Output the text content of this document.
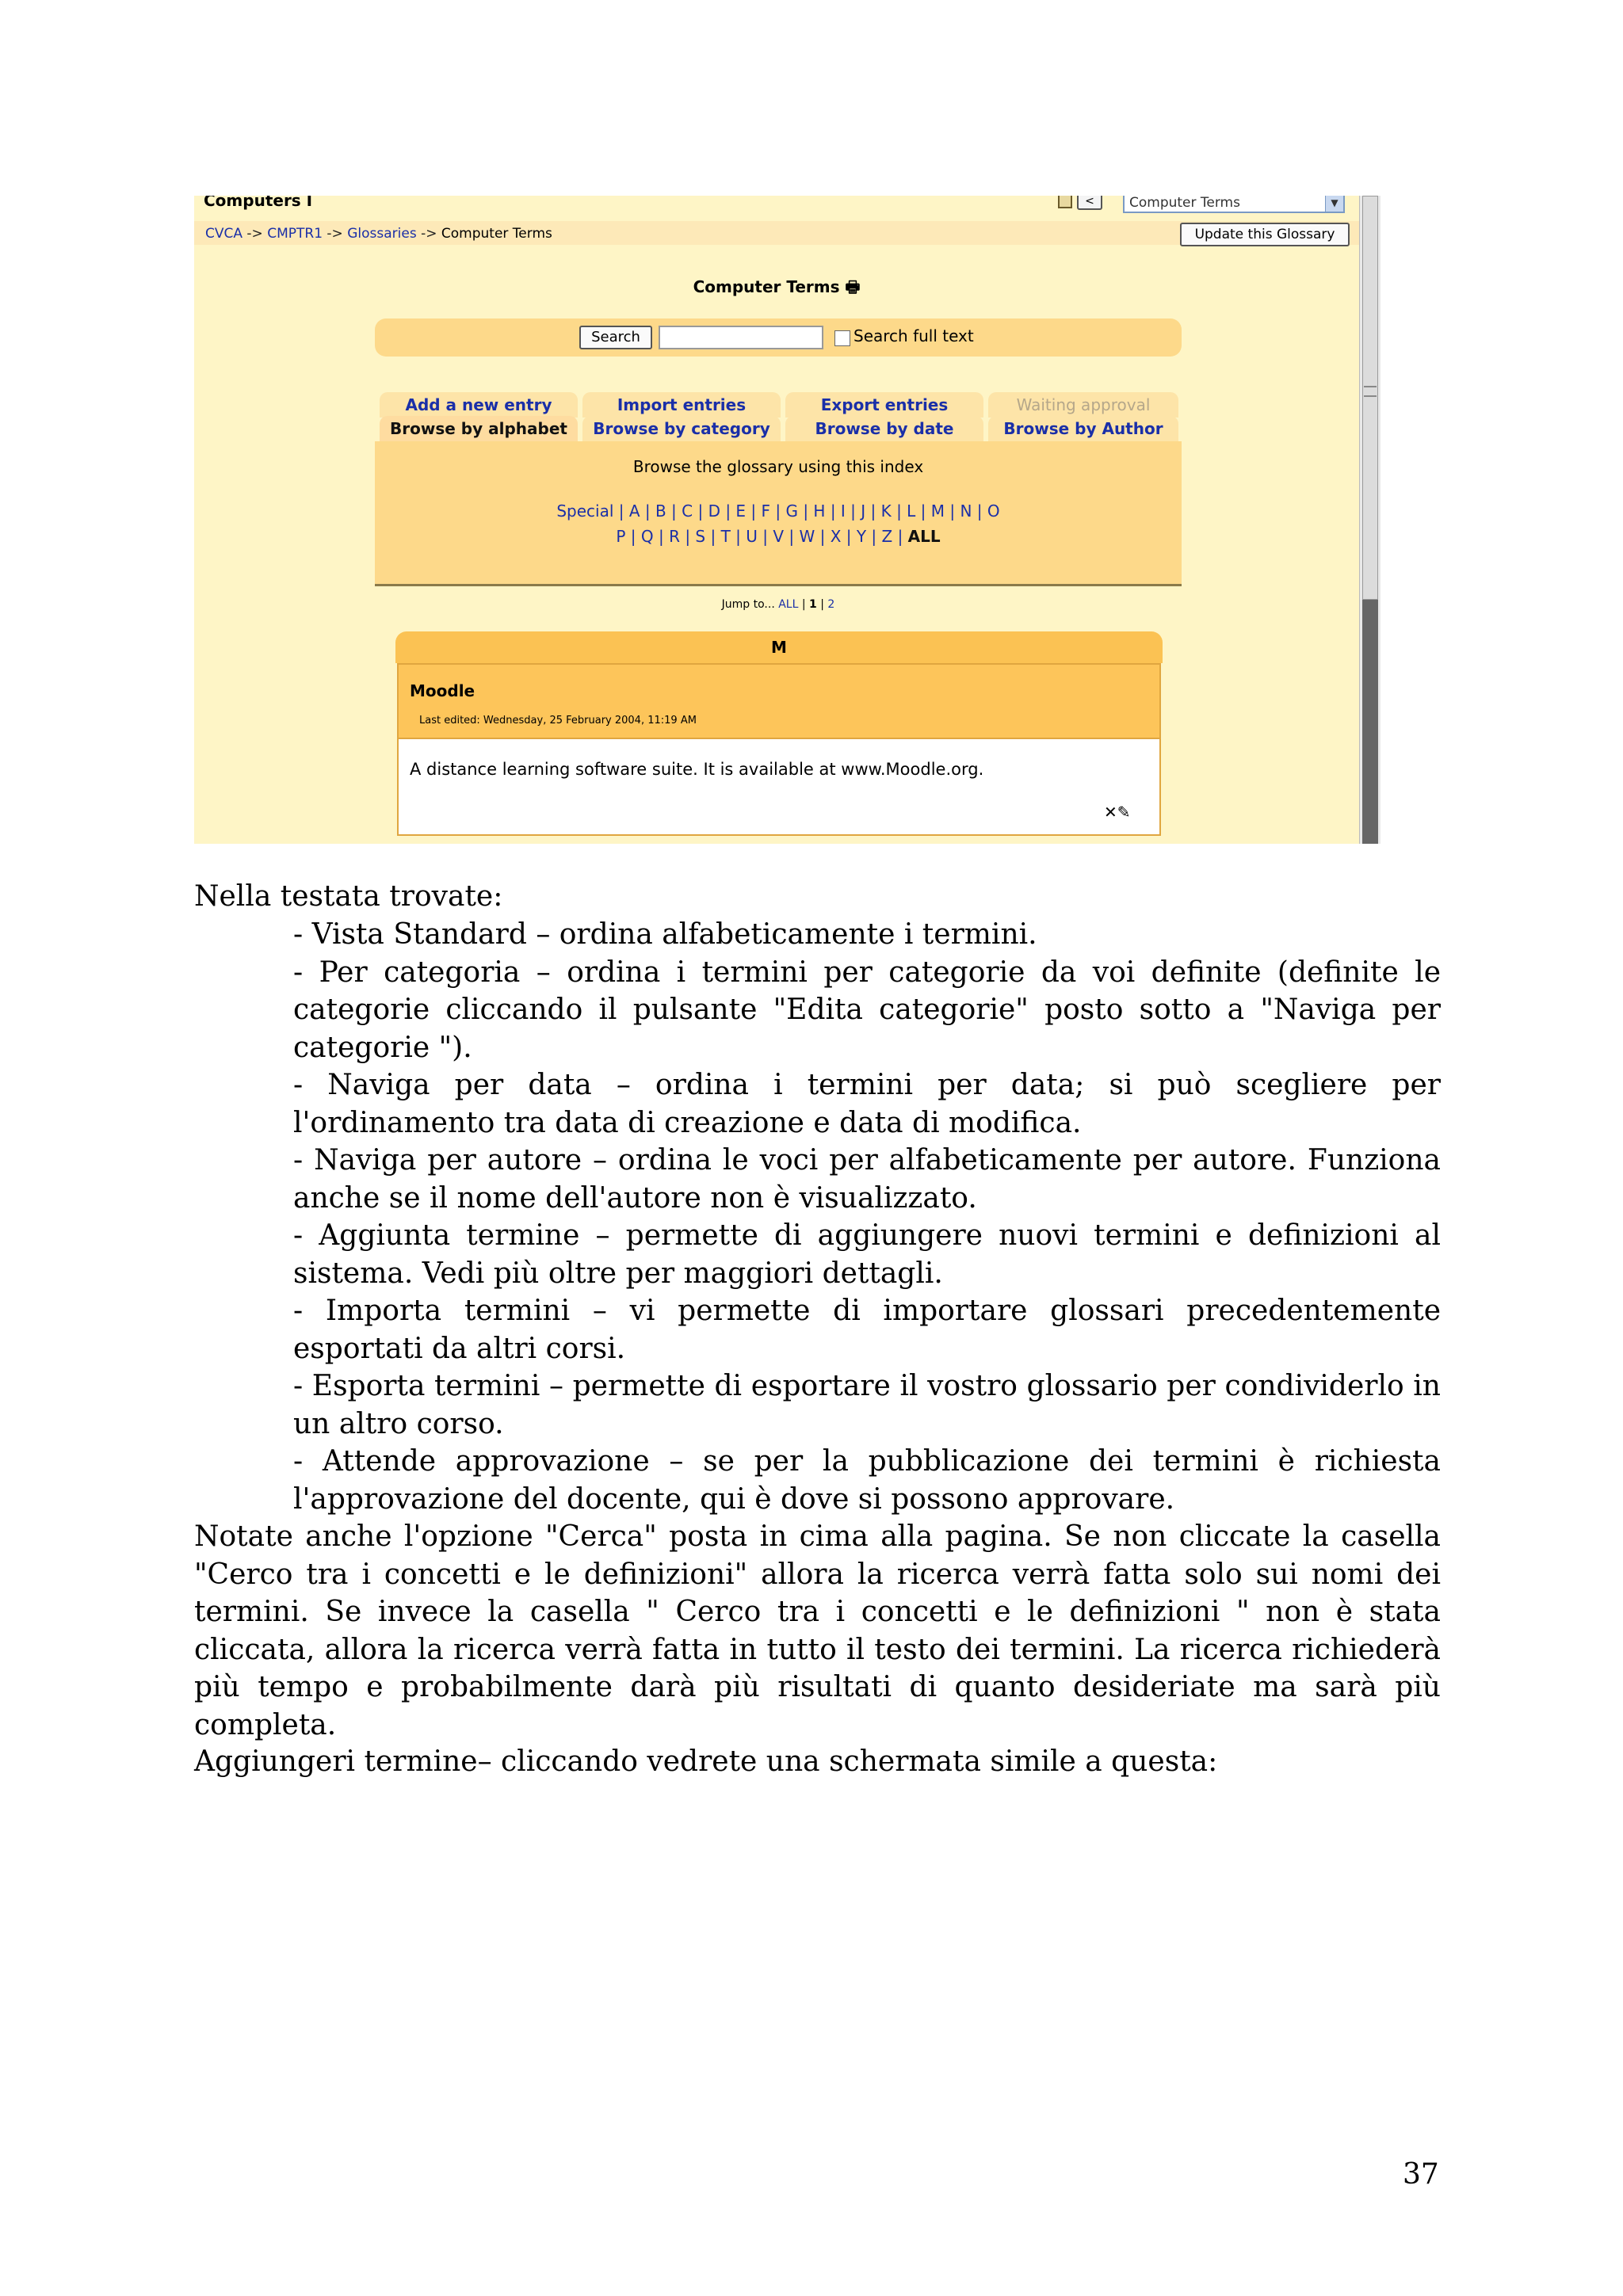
Computers I	<	Computer Terms	▼
CVCA -> CMPTR1 -> Glossaries -> Computer Terms	Update this Glossary
Computer Terms 🖶
Search	Search full text
Add a new entry	Import entries	Export entries	Waiting approval
Browse by alphabet	Browse by category	Browse by date	Browse by Author
Browse the glossary using this index
Special | A | B | C | D | E | F | G | H | I | J | K | L | M | N | O
P | Q | R | S | T | U | V | W | X | Y | Z | ALL
Jump to... ALL | 1 | 2
M
Moodle
Last edited: Wednesday, 25 February 2004, 11:19 AM
A distance learning software suite. It is available at www.Moodle.org.
✕✎

Nella testata trovate:

- Vista Standard – ordina alfabeticamente i termini.
- Per categoria – ordina i termini per categorie da voi definite (definite le categorie cliccando il pulsante "Edita categorie" posto sotto a "Naviga per categorie ").
- Naviga per data – ordina i termini per data; si può scegliere per l'ordinamento tra data di creazione e data di modifica.
- Naviga per autore – ordina le voci per alfabeticamente per autore. Funziona anche se il nome dell'autore non è visualizzato.
- Aggiunta termine – permette di aggiungere nuovi termini e definizioni al sistema. Vedi più oltre per maggiori dettagli.
- Importa termini – vi permette di importare glossari precedentemente esportati da altri corsi.
- Esporta termini – permette di esportare il vostro glossario per condividerlo in un altro corso.
- Attende approvazione – se per la pubblicazione dei termini è richiesta l'approvazione del docente, qui è dove si possono approvare.

Notate anche l'opzione "Cerca" posta in cima alla pagina. Se non cliccate la casella "Cerco tra i concetti e le definizioni" allora la ricerca verrà fatta solo sui nomi dei termini. Se invece la casella " Cerco tra i concetti e le definizioni " non è stata cliccata, allora la ricerca verrà fatta in tutto il testo dei termini. La ricerca richiederà più tempo e probabilmente darà più risultati di quanto desideriate ma sarà più completa.

Aggiungeri termine– cliccando vedrete una schermata simile a questa:

37
